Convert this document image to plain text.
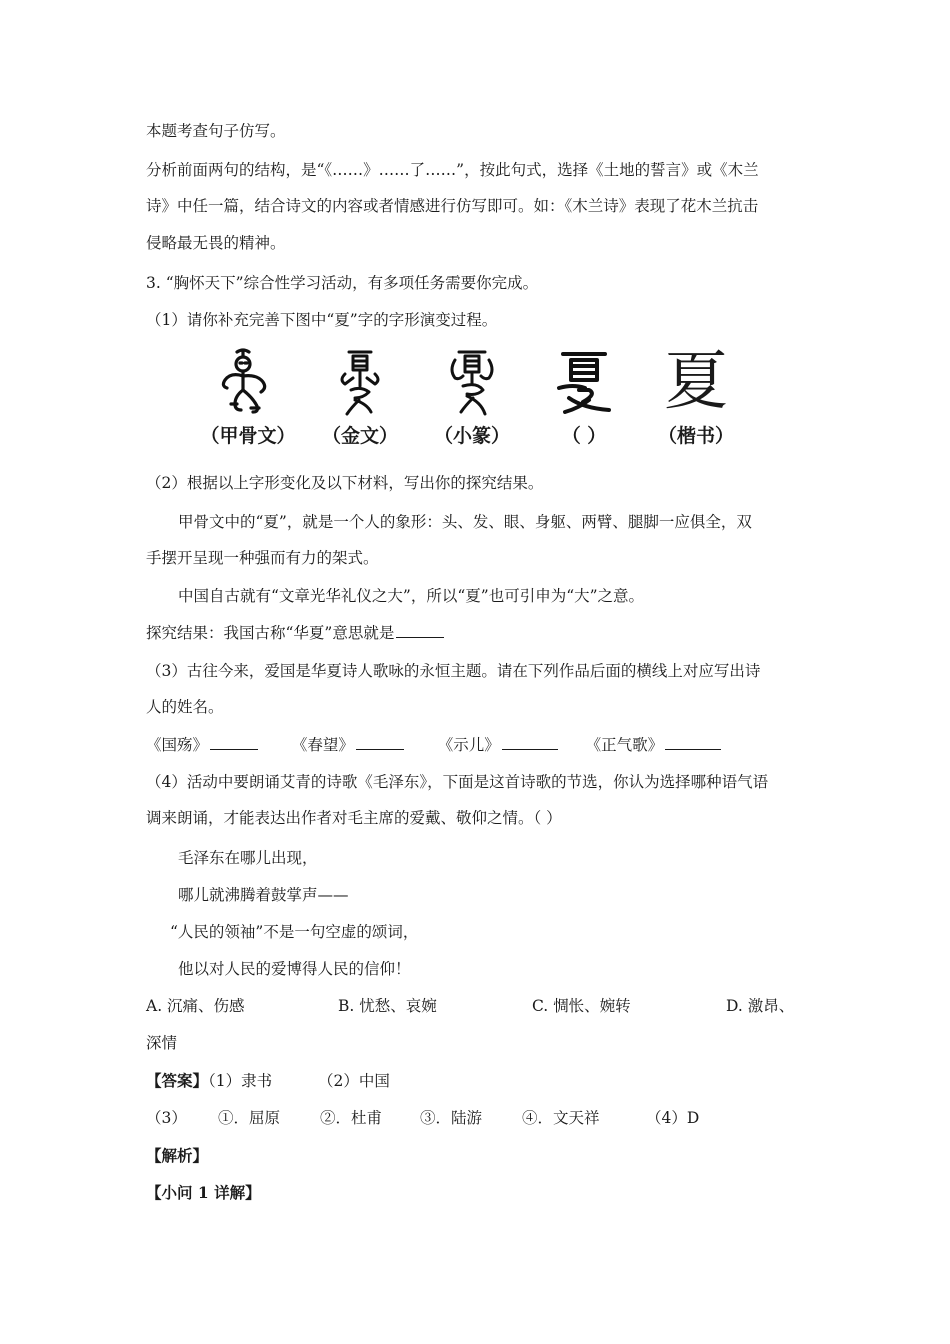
本题考查句子仿写。
分析前面两句的结构，是“《……》……了……”，按此句式，选择《土地的誓言》或《木兰
诗》中任一篇，结合诗文的内容或者情感进行仿写即可。如：《木兰诗》表现了花木兰抗击
侵略最无畏的精神。
3. “胸怀天下”综合性学习活动，有多项任务需要你完成。
（1）请你补充完善下图中“夏”字的字形演变过程。
（甲骨文）	（金文）	（小篆）	（ ）
夏
（楷书）
（2）根据以上字形变化及以下材料，写出你的探究结果。
甲骨文中的“夏”，就是一个人的象形：头、发、眼、身躯、两臂、腿脚一应俱全，双
手摆开呈现一种强而有力的架式。
中国自古就有“文章光华礼仪之大”，所以“夏”也可引申为“大”之意。
探究结果：我国古称“华夏”意思就是
（3）古往今来，爱国是华夏诗人歌咏的永恒主题。请在下列作品后面的横线上对应写出诗
人的姓名。
《国殇》	《春望》	《示儿》	《正气歌》
（4）活动中要朗诵艾青的诗歌《毛泽东》，下面是这首诗歌的节选，你认为选择哪种语气语
调来朗诵，才能表达出作者对毛主席的爱戴、敬仰之情。（ ）
毛泽东在哪儿出现，
哪儿就沸腾着鼓掌声——
“人民的领袖”不是一句空虚的颂词，
他以对人民的爱博得人民的信仰！
A. 沉痛、伤感	B. 忧愁、哀婉	C. 惆怅、婉转	D. 激昂、
深情
【答案】（1）隶书	（2）中国
（3） ①．屈原	②．杜甫 ③．陆游	④．文天祥	（4）D
【解析】
【小问 1 详解】
